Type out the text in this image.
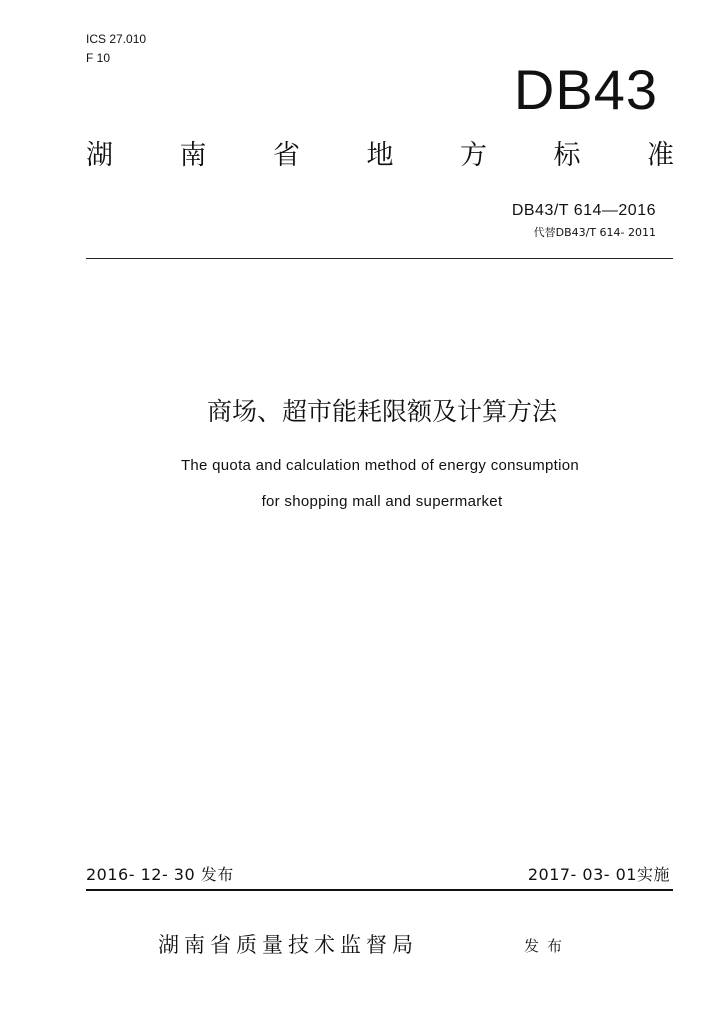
ICS 27.010
F 10	DB43
湖 南 省 地 方 标 准
DB43/T 614—2016
代替DB43/T 614- 2011
商场、超市能耗限额及计算方法
The quota and calculation method of energy consumption
for shopping mall and supermarket
2016- 12- 30 发布	2017- 03- 01实施
湖南省质量技术监督局	发布
